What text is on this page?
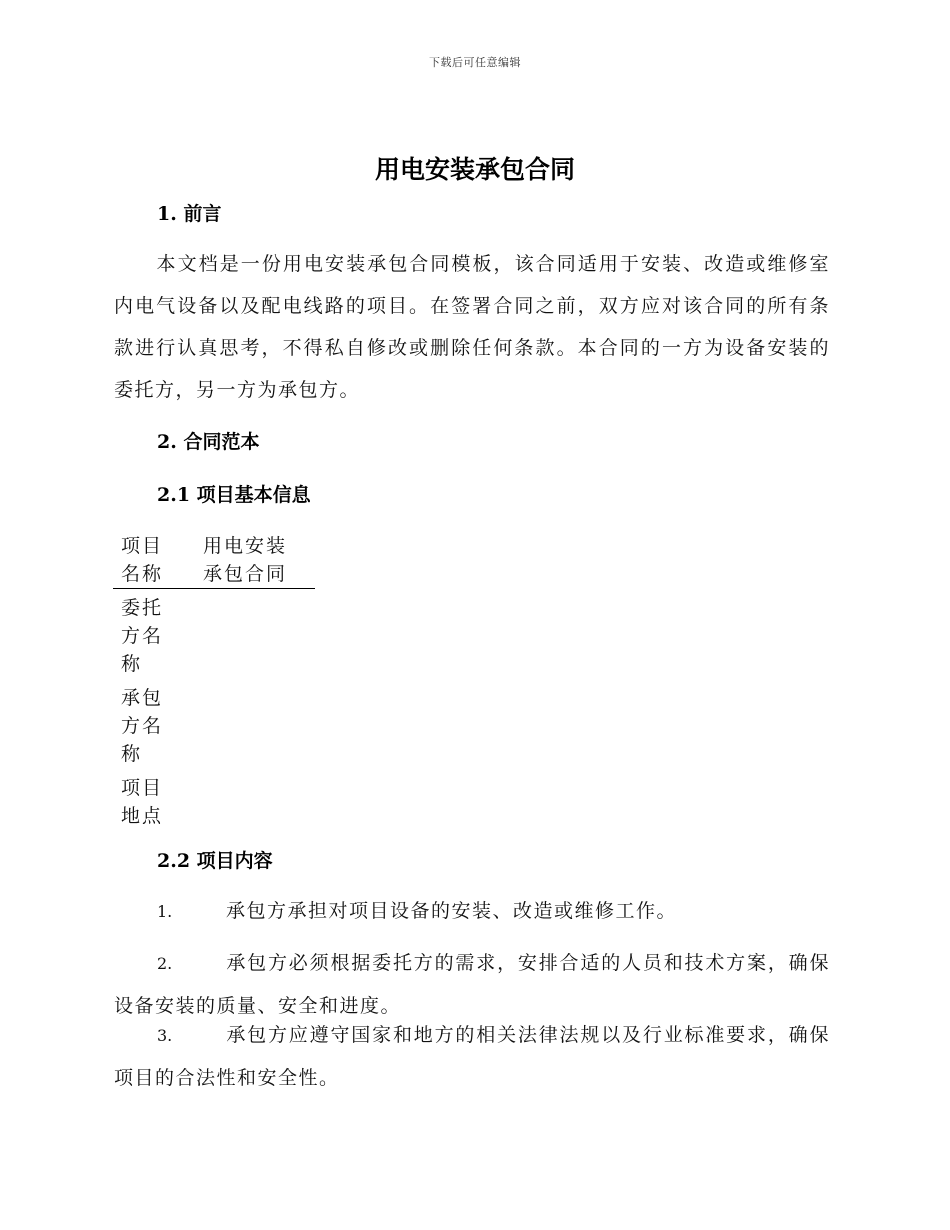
下载后可任意编辑
用电安装承包合同
1. 前言
本文档是一份用电安装承包合同模板，该合同适用于安装、改造或维修室内电气设备以及配电线路的项目。在签署合同之前，双方应对该合同的所有条款进行认真思考，不得私自修改或删除任何条款。本合同的一方为设备安装的委托方，另一方为承包方。
2. 合同范本
2.1 项目基本信息
项目名称	用电安装承包合同
委托方名称	
承包方名称	
项目地点	
2.2 项目内容
1.	承包方承担对项目设备的安装、改造或维修工作。
2.	承包方必须根据委托方的需求，安排合适的人员和技术方案，确保设备安装的质量、安全和进度。
3.	承包方应遵守国家和地方的相关法律法规以及行业标准要求，确保项目的合法性和安全性。
